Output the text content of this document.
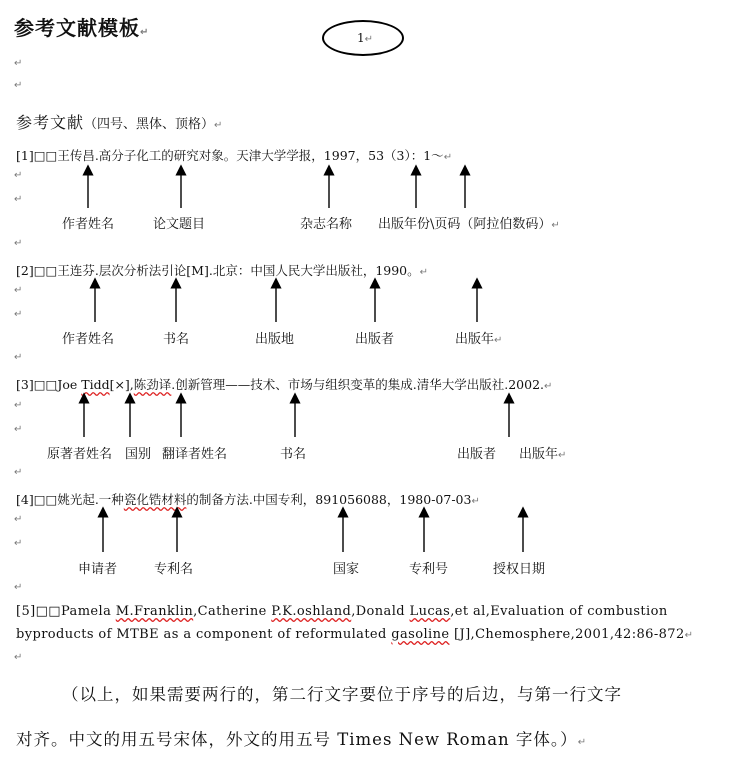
参考文献模板↵	1↵
↵
↵
参考文献（四号、黑体、顶格）↵
[1]□□王传昌.高分子化工的研究对象。天津大学学报，1997，53（3）：1～↵
↵
↵
作者姓名	论文题目	杂志名称 出版年份\页码（阿拉伯数码）↵
↵
[2]□□王连芬.层次分析法引论[M].北京：中国人民大学出版社，1990。↵
↵
↵
作者姓名	书名	出版地	出版者	出版年↵
↵
[3]□□Joe Tidd[×],陈劲译.创新管理——技术、市场与组织变革的集成.清华大学出版社.2002.↵
↵
↵
原著者姓名 国别 翻译者姓名	书名	出版者 出版年↵
↵
[4]□□姚光起.一种瓷化锆材料的制备方法.中国专利，891056088，1980-07-03↵
↵
↵
申请者	专利名	国家	专利号	授权日期
↵
[5]□□Pamela M.Franklin,Catherine P.K.oshland,Donald Lucas,et al,Evaluation of combustion
byproducts of MTBE as a component of reformulated gasoline [J],Chemosphere,2001,42:86-872↵
↵
（以上，如果需要两行的，第二行文字要位于序号的后边，与第一行文字
对齐。中文的用五号宋体，外文的用五号 Times New Roman 字体。）↵
